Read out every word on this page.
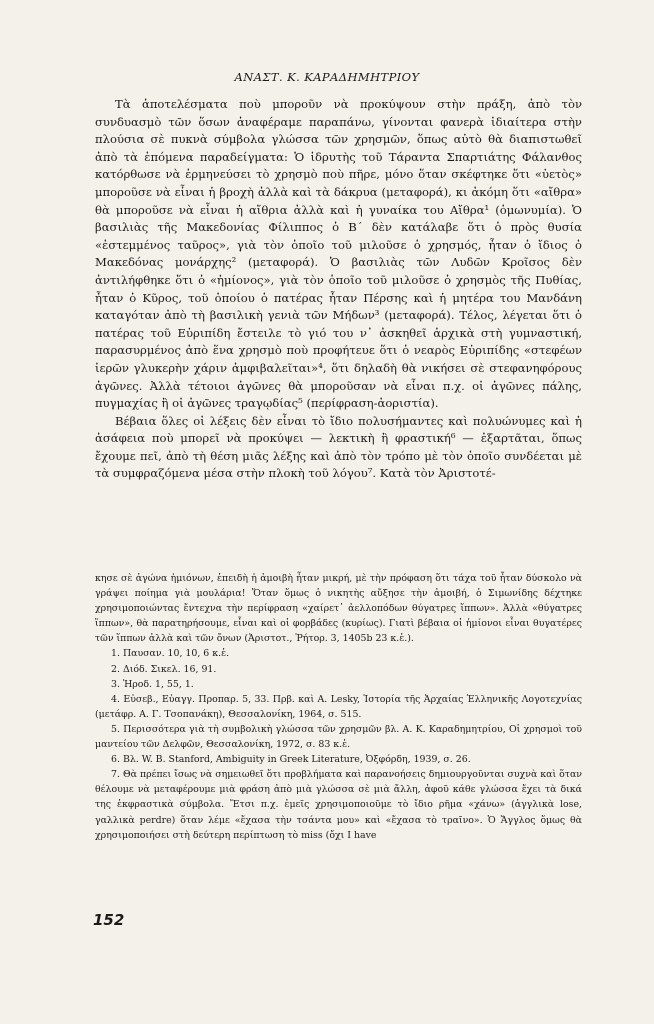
ΑΝΑΣΤ. Κ. ΚΑΡΑΔΗΜΗΤΡΙΟΥ

Τὰ ἀποτελέσματα ποὺ μποροῦν νὰ προκύψουν στὴν πράξη, ἀπὸ τὸν συνδυασμὸ τῶν ὅσων ἀναφέραμε παραπάνω, γίνονται φανερὰ ἰδιαίτερα στὴν πλούσια σὲ πυκνὰ σύμβολα γλώσσα τῶν χρησμῶν, ὅπως αὐτὸ θὰ διαπιστωθεῖ ἀπὸ τὰ ἑπόμενα παραδείγματα: Ὁ ἱδρυτὴς τοῦ Τάραντα Σπαρτιάτης Φάλανθος κατόρθωσε νὰ ἑρμηνεύσει τὸ χρησμὸ ποὺ πῆρε, μόνο ὅταν σκέφτηκε ὅτι «ὑετὸς» μποροῦσε νὰ εἶναι ἡ βροχὴ ἀλλὰ καὶ τὰ δάκρυα (μεταφορά), κι ἀκόμη ὅτι «αἴθρα» θὰ μποροῦσε νὰ εἶναι ἡ αἴθρια ἀλλὰ καὶ ἡ γυναίκα του Αἴθρα¹ (ὁμωνυμία). Ὁ βασιλιὰς τῆς Μακεδονίας Φίλιππος ὁ Β΄ δὲν κατάλαβε ὅτι ὁ πρὸς θυσία «ἐστεμμένος ταῦρος», γιὰ τὸν ὁποῖο τοῦ μιλοῦσε ὁ χρησμός, ἦταν ὁ ἴδιος ὁ Μακεδόνας μονάρχης² (μεταφορά). Ὁ βασιλιὰς τῶν Λυδῶν Κροῖσος δὲν ἀντιλήφθηκε ὅτι ὁ «ἡμίονος», γιὰ τὸν ὁποῖο τοῦ μιλοῦσε ὁ χρησμὸς τῆς Πυθίας, ἦταν ὁ Κῦρος, τοῦ ὁποίου ὁ πατέρας ἦταν Πέρσης καὶ ἡ μητέρα του Μανδάνη καταγόταν ἀπὸ τὴ βασιλικὴ γενιὰ τῶν Μήδων³ (μεταφορά). Τέλος, λέγεται ὅτι ὁ πατέρας τοῦ Εὐριπίδη ἔστειλε τὸ γιό του ν᾽ ἀσκηθεῖ ἀρχικὰ στὴ γυμναστική, παρασυρμένος ἀπὸ ἕνα χρησμὸ ποὺ προφήτευε ὅτι ὁ νεαρὸς Εὐριπίδης «στεφέων ἱερῶν γλυκερὴν χάριν ἀμφιβαλεῖται»⁴, ὅτι δηλαδὴ θὰ νικήσει σὲ στεφανηφόρους ἀγῶνες. Ἀλλὰ τέτοιοι ἀγῶνες θὰ μποροῦσαν νὰ εἶναι π.χ. οἱ ἀγῶνες πάλης, πυγμαχίας ἢ οἱ ἀγῶνες τραγῳδίας⁵ (περίφραση-ἀοριστία).

Βέβαια ὅλες οἱ λέξεις δὲν εἶναι τὸ ἴδιο πολυσήμαντες καὶ πολυώνυμες καὶ ἡ ἀσάφεια ποὺ μπορεῖ νὰ προκύψει — λεκτικὴ ἢ φραστική⁶ — ἐξαρτᾶται, ὅπως ἔχουμε πεῖ, ἀπὸ τὴ θέση μιᾶς λέξης καὶ ἀπὸ τὸν τρόπο μὲ τὸν ὁποῖο συνδέεται μὲ τὰ συμφραζόμενα μέσα στὴν πλοκὴ τοῦ λόγου⁷. Κατὰ τὸν Ἀριστοτέ-

κησε σὲ ἀγώνα ἡμιόνων, ἐπειδὴ ἡ ἀμοιβὴ ἦταν μικρή, μὲ τὴν πρόφαση ὅτι τάχα τοῦ ἦταν δύσκολο νὰ γράψει ποίημα γιὰ μουλάρια! Ὅταν ὅμως ὁ νικητὴς αὔξησε τὴν ἀμοιβή, ὁ Σιμωνίδης δέχτηκε χρησιμοποιώντας ἔντεχνα τὴν περίφραση «χαίρετ᾽ ἀελλοπόδων θύγατρες ἵππων». Ἀλλὰ «θύγατρες ἵππων», θὰ παρατηρήσουμε, εἶναι καὶ οἱ φορβάδες (κυρίως). Γιατὶ βέβαια οἱ ἡμίονοι εἶναι θυγατέρες τῶν ἵππων ἀλλὰ καὶ τῶν ὄνων (Ἀριστοτ., Ῥήτορ. 3, 1405b 23 κ.ἑ.).

1. Παυσαν. 10, 10, 6 κ.ἑ.

2. Διόδ. Σικελ. 16, 91.

3. Ἡροδ. 1, 55, 1.

4. Εὐσεβ., Εὐαγγ. Προπαρ. 5, 33. Πρβ. καὶ A. Lesky, Ἱστορία τῆς Ἀρχαίας Ἑλληνικῆς Λογοτεχνίας (μετάφρ. Α. Γ. Τσοπανάκη), Θεσσαλονίκη, 1964, σ. 515.

5. Περισσότερα γιὰ τὴ συμβολικὴ γλώσσα τῶν χρησμῶν βλ. Α. Κ. Καραδημητρίου, Οἱ χρησμοὶ τοῦ μαντείου τῶν Δελφῶν, Θεσσαλονίκη, 1972, σ. 83 κ.ἑ.

6. Βλ. W. B. Stanford, Ambiguity in Greek Literature, Ὀξφόρδη, 1939, σ. 26.

7. Θὰ πρέπει ἴσως νὰ σημειωθεῖ ὅτι προβλήματα καὶ παρανοήσεις δημιουργοῦνται συχνὰ καὶ ὅταν θέλουμε νὰ μεταφέρουμε μιὰ φράση ἀπὸ μιὰ γλώσσα σὲ μιὰ ἄλλη, ἀφοῦ κάθε γλώσσα ἔχει τὰ δικά της ἐκφραστικὰ σύμβολα. Ἔτσι π.χ. ἐμεῖς χρησιμοποιοῦμε τὸ ἴδιο ρῆμα «χάνω» (ἀγγλικὰ lose, γαλλικὰ perdre) ὅταν λέμε «ἔχασα τὴν τσάντα μου» καὶ «ἔχασα τὸ τραῖνο». Ὁ Ἄγγλος ὅμως θὰ χρησιμοποιήσει στὴ δεύτερη περίπτωση τὸ miss (ὄχι I have

152
